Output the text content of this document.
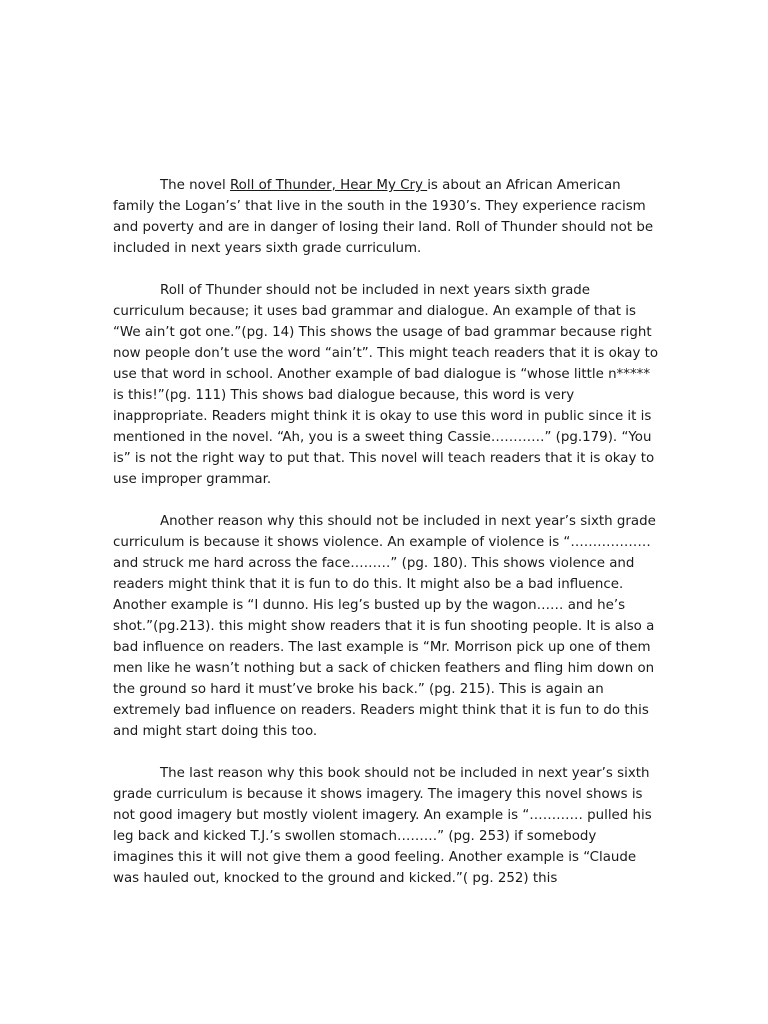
The novel Roll of Thunder, Hear My Cry is about an African American family the Logan’s’ that live in the south in the 1930’s. They experience racism and poverty and are in danger of losing their land. Roll of Thunder should not be included in next years sixth grade curriculum.

Roll of Thunder should not be included in next years sixth grade curriculum because; it uses bad grammar and dialogue. An example of that is “We ain’t got one.”(pg. 14) This shows the usage of bad grammar because right now people don’t use the word “ain’t”. This might teach readers that it is okay to use that word in school. Another example of bad dialogue is “whose little n***** is this!”(pg. 111) This shows bad dialogue because, this word is very inappropriate. Readers might think it is okay to use this word in public since it is mentioned in the novel. “Ah, you is a sweet thing Cassie…………” (pg.179). “You is” is not the right way to put that. This novel will teach readers that it is okay to use improper grammar.

Another reason why this should not be included in next year’s sixth grade curriculum is because it shows violence. An example of violence is “……………… and struck me hard across the face………” (pg. 180). This shows violence and readers might think that it is fun to do this. It might also be a bad influence. Another example is “I dunno. His leg’s busted up by the wagon…… and he’s shot.”(pg.213). this might show readers that it is fun shooting people. It is also a bad influence on readers. The last example is “Mr. Morrison pick up one of them men like he wasn’t nothing but a sack of chicken feathers and fling him down on the ground so hard it must’ve broke his back.” (pg. 215). This is again an extremely bad influence on readers. Readers might think that it is fun to do this and might start doing this too.

The last reason why this book should not be included in next year’s sixth grade curriculum is because it shows imagery. The imagery this novel shows is not good imagery but mostly violent imagery. An example is “………… pulled his leg back and kicked T.J.’s swollen stomach………” (pg. 253) if somebody imagines this it will not give them a good feeling. Another example is “Claude was hauled out, knocked to the ground and kicked.”( pg. 252) this
